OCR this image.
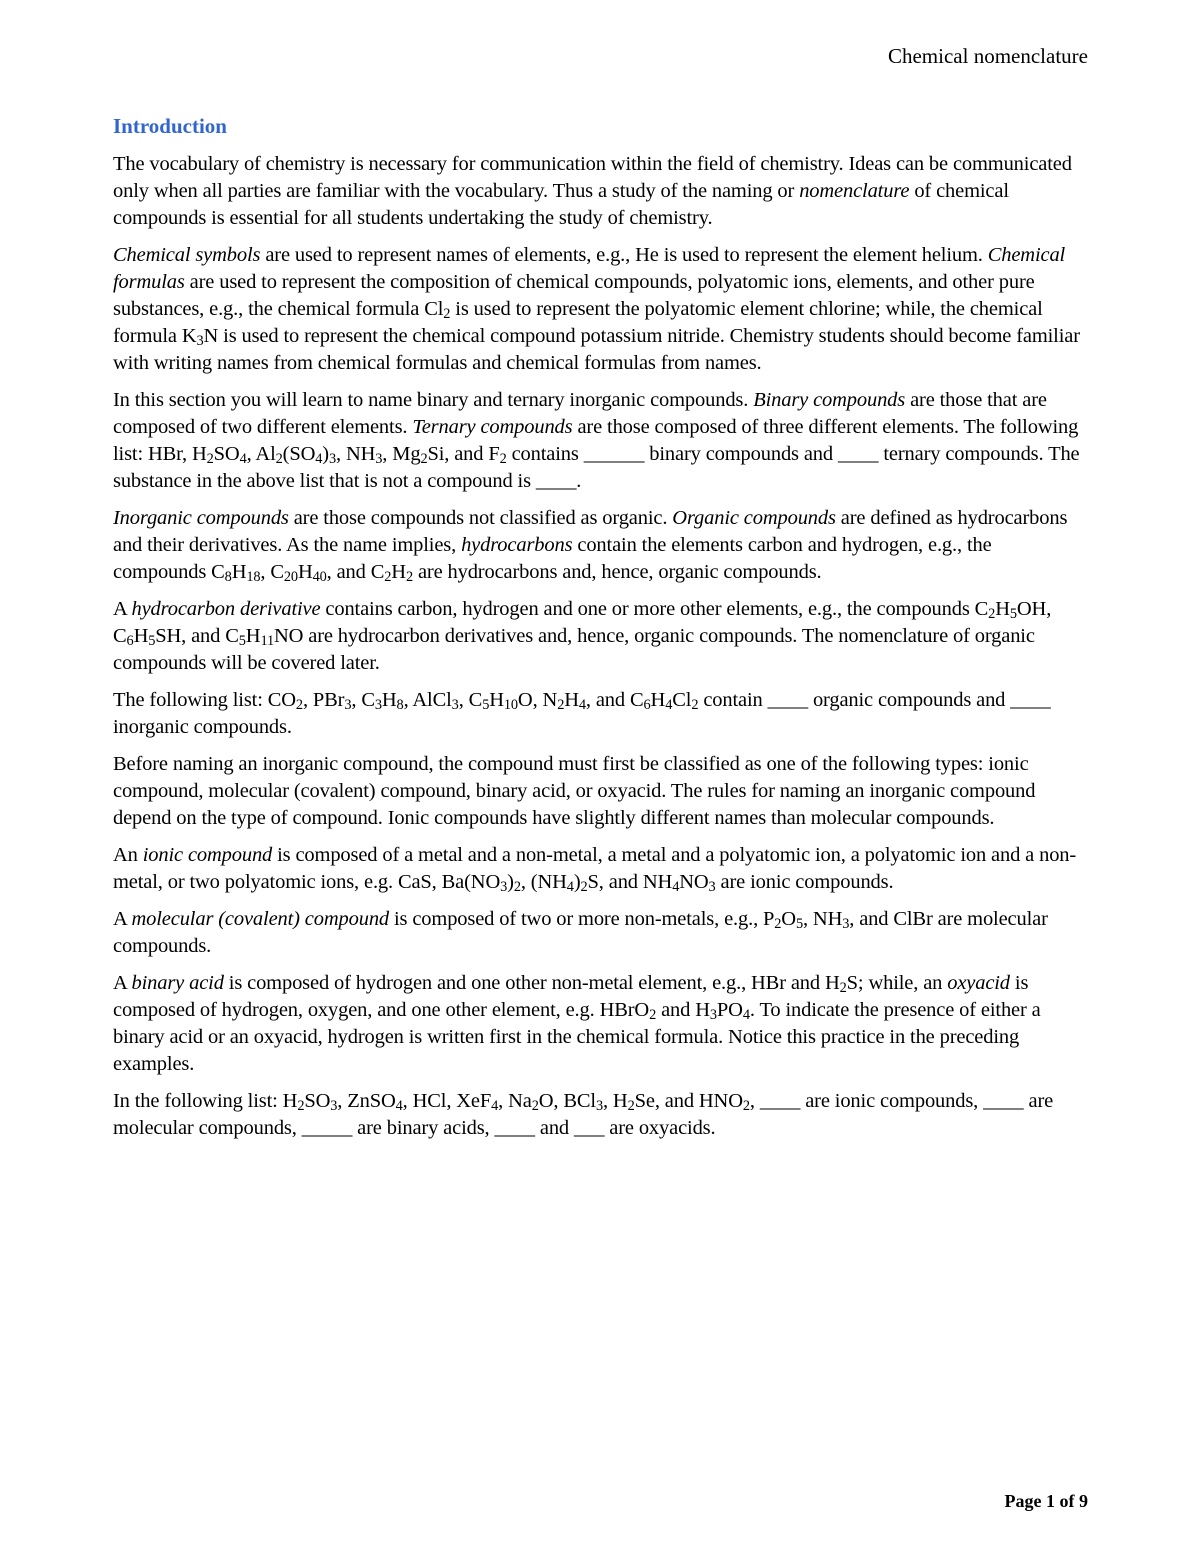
Chemical nomenclature
Introduction

The vocabulary of chemistry is necessary for communication within the field of chemistry. Ideas can be communicated only when all parties are familiar with the vocabulary. Thus a study of the naming or nomenclature of chemical compounds is essential for all students undertaking the study of chemistry.

Chemical symbols are used to represent names of elements, e.g., He is used to represent the element helium. Chemical formulas are used to represent the composition of chemical compounds, polyatomic ions, elements, and other pure substances, e.g., the chemical formula $Cl_2$ is used to represent the polyatomic element chlorine; while, the chemical formula $K_3N$ is used to represent the chemical compound potassium nitride. Chemistry students should become familiar with writing names from chemical formulas and chemical formulas from names.

In this section you will learn to name binary and ternary inorganic compounds. Binary compounds are those that are composed of two different elements. Ternary compounds are those composed of three different elements. The following list: HBr, $H_2SO_4$, $Al_2(SO_4)_3$, $NH_3$, $Mg_2Si$, and $F_2$ contains ______ binary compounds and ____ ternary compounds. The substance in the above list that is not a compound is ____.

Inorganic compounds are those compounds not classified as organic. Organic compounds are defined as hydrocarbons and their derivatives. As the name implies, hydrocarbons contain the elements carbon and hydrogen, e.g., the compounds $C_8H_{18}$, $C_{20}H_{40}$, and $C_2H_2$ are hydrocarbons and, hence, organic compounds.

A hydrocarbon derivative contains carbon, hydrogen and one or more other elements, e.g., the compounds $C_2H_5OH$, $C_6H_5SH$, and $C_5H_{11}NO$ are hydrocarbon derivatives and, hence, organic compounds. The nomenclature of organic compounds will be covered later.

The following list: $CO_2$, PBr$_3$, $C_3H_8$, AlCl$_3$, $C_5H_{10}O$, $N_2H_4$, and $C_6H_4Cl_2$ contain ____ organic compounds and ____ inorganic compounds.

Before naming an inorganic compound, the compound must first be classified as one of the following types: ionic compound, molecular (covalent) compound, binary acid, or oxyacid. The rules for naming an inorganic compound depend on the type of compound. Ionic compounds have slightly different names than molecular compounds.

An ionic compound is composed of a metal and a non-metal, a metal and a polyatomic ion, a polyatomic ion and a non-metal, or two polyatomic ions, e.g. CaS, $Ba(NO_3)_2$, $(NH_4)_2S$, and $NH_4NO_3$ are ionic compounds.

A molecular (covalent) compound is composed of two or more non-metals, e.g., $P_2O_5$, $NH_3$, and ClBr are molecular compounds.

A binary acid is composed of hydrogen and one other non-metal element, e.g., HBr and $H_2S$; while, an oxyacid is composed of hydrogen, oxygen, and one other element, e.g. HBrO$_2$ and $H_3PO_4$. To indicate the presence of either a binary acid or an oxyacid, hydrogen is written first in the chemical formula. Notice this practice in the preceding examples.

In the following list: $H_2SO_3$, ZnSO$_4$, HCl, XeF$_4$, $Na_2O$, BCl$_3$, $H_2Se$, and $HNO_2$, ____ are ionic compounds, ____ are molecular compounds, _____ are binary acids, ____ and ___ are oxyacids.

Page 1 of 9
